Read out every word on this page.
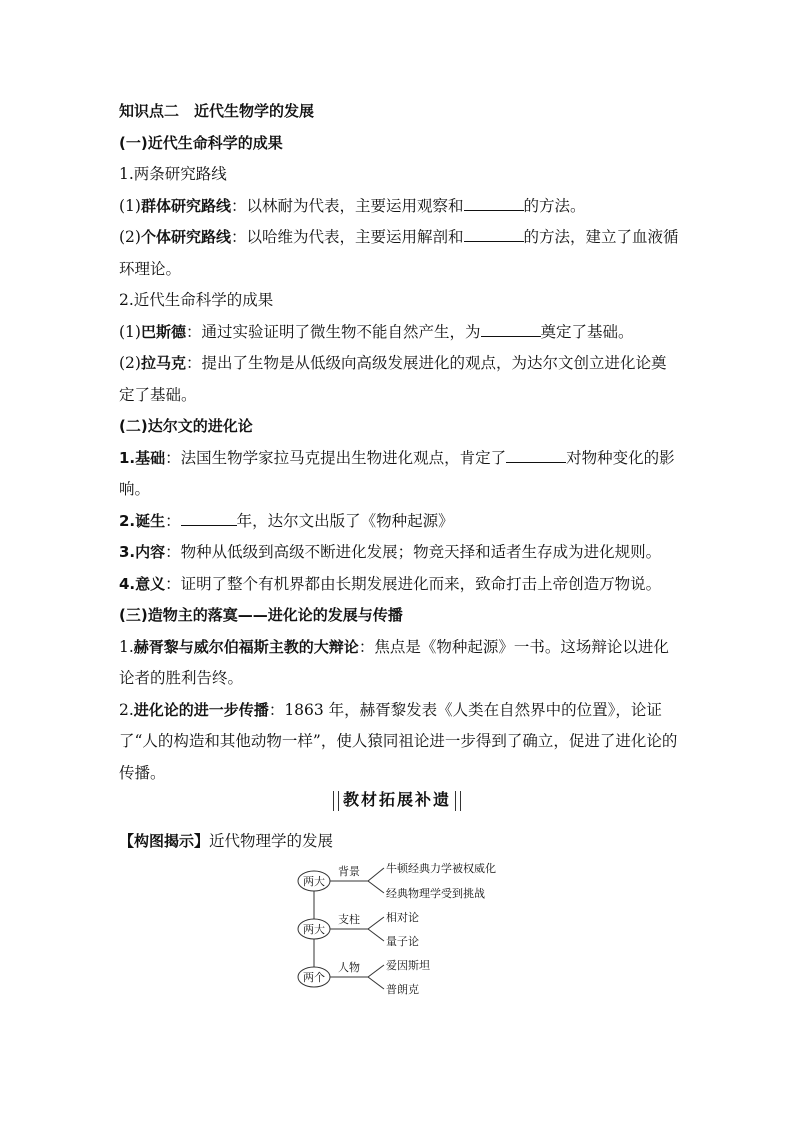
知识点二　近代生物学的发展
(一)近代生命科学的成果
1.两条研究路线
(1)群体研究路线：以林耐为代表，主要运用观察和	的方法。
(2)个体研究路线：以哈维为代表，主要运用解剖和	的方法，建立了血液循环理论。
2.近代生命科学的成果
(1)巴斯德：通过实验证明了微生物不能自然产生，为	奠定了基础。
(2)拉马克：提出了生物是从低级向高级发展进化的观点，为达尔文创立进化论奠定了基础。
(二)达尔文的进化论
1.基础：法国生物学家拉马克提出生物进化观点，肯定了	对物种变化的影响。
2.诞生：	年，达尔文出版了《物种起源》
3.内容：物种从低级到高级不断进化发展；物竞天择和适者生存成为进化规则。
4.意义：证明了整个有机界都由长期发展进化而来，致命打击上帝创造万物说。
(三)造物主的落寞——进化论的发展与传播
1.赫胥黎与威尔伯福斯主教的大辩论：焦点是《物种起源》一书。这场辩论以进化论者的胜利告终。
2.进化论的进一步传播：1863 年，赫胥黎发表《人类在自然界中的位置》，论证了“人的构造和其他动物一样”，使人猿同祖论进一步得到了确立，促进了进化论的传播。
教材拓展补遗
【构图揭示】近代物理学的发展
两大
背景 牛顿经典力学被权威化
经典物理学受到挑战
两大
支柱 相对论
量子论
两个
人物 爱因斯坦
普朗克
